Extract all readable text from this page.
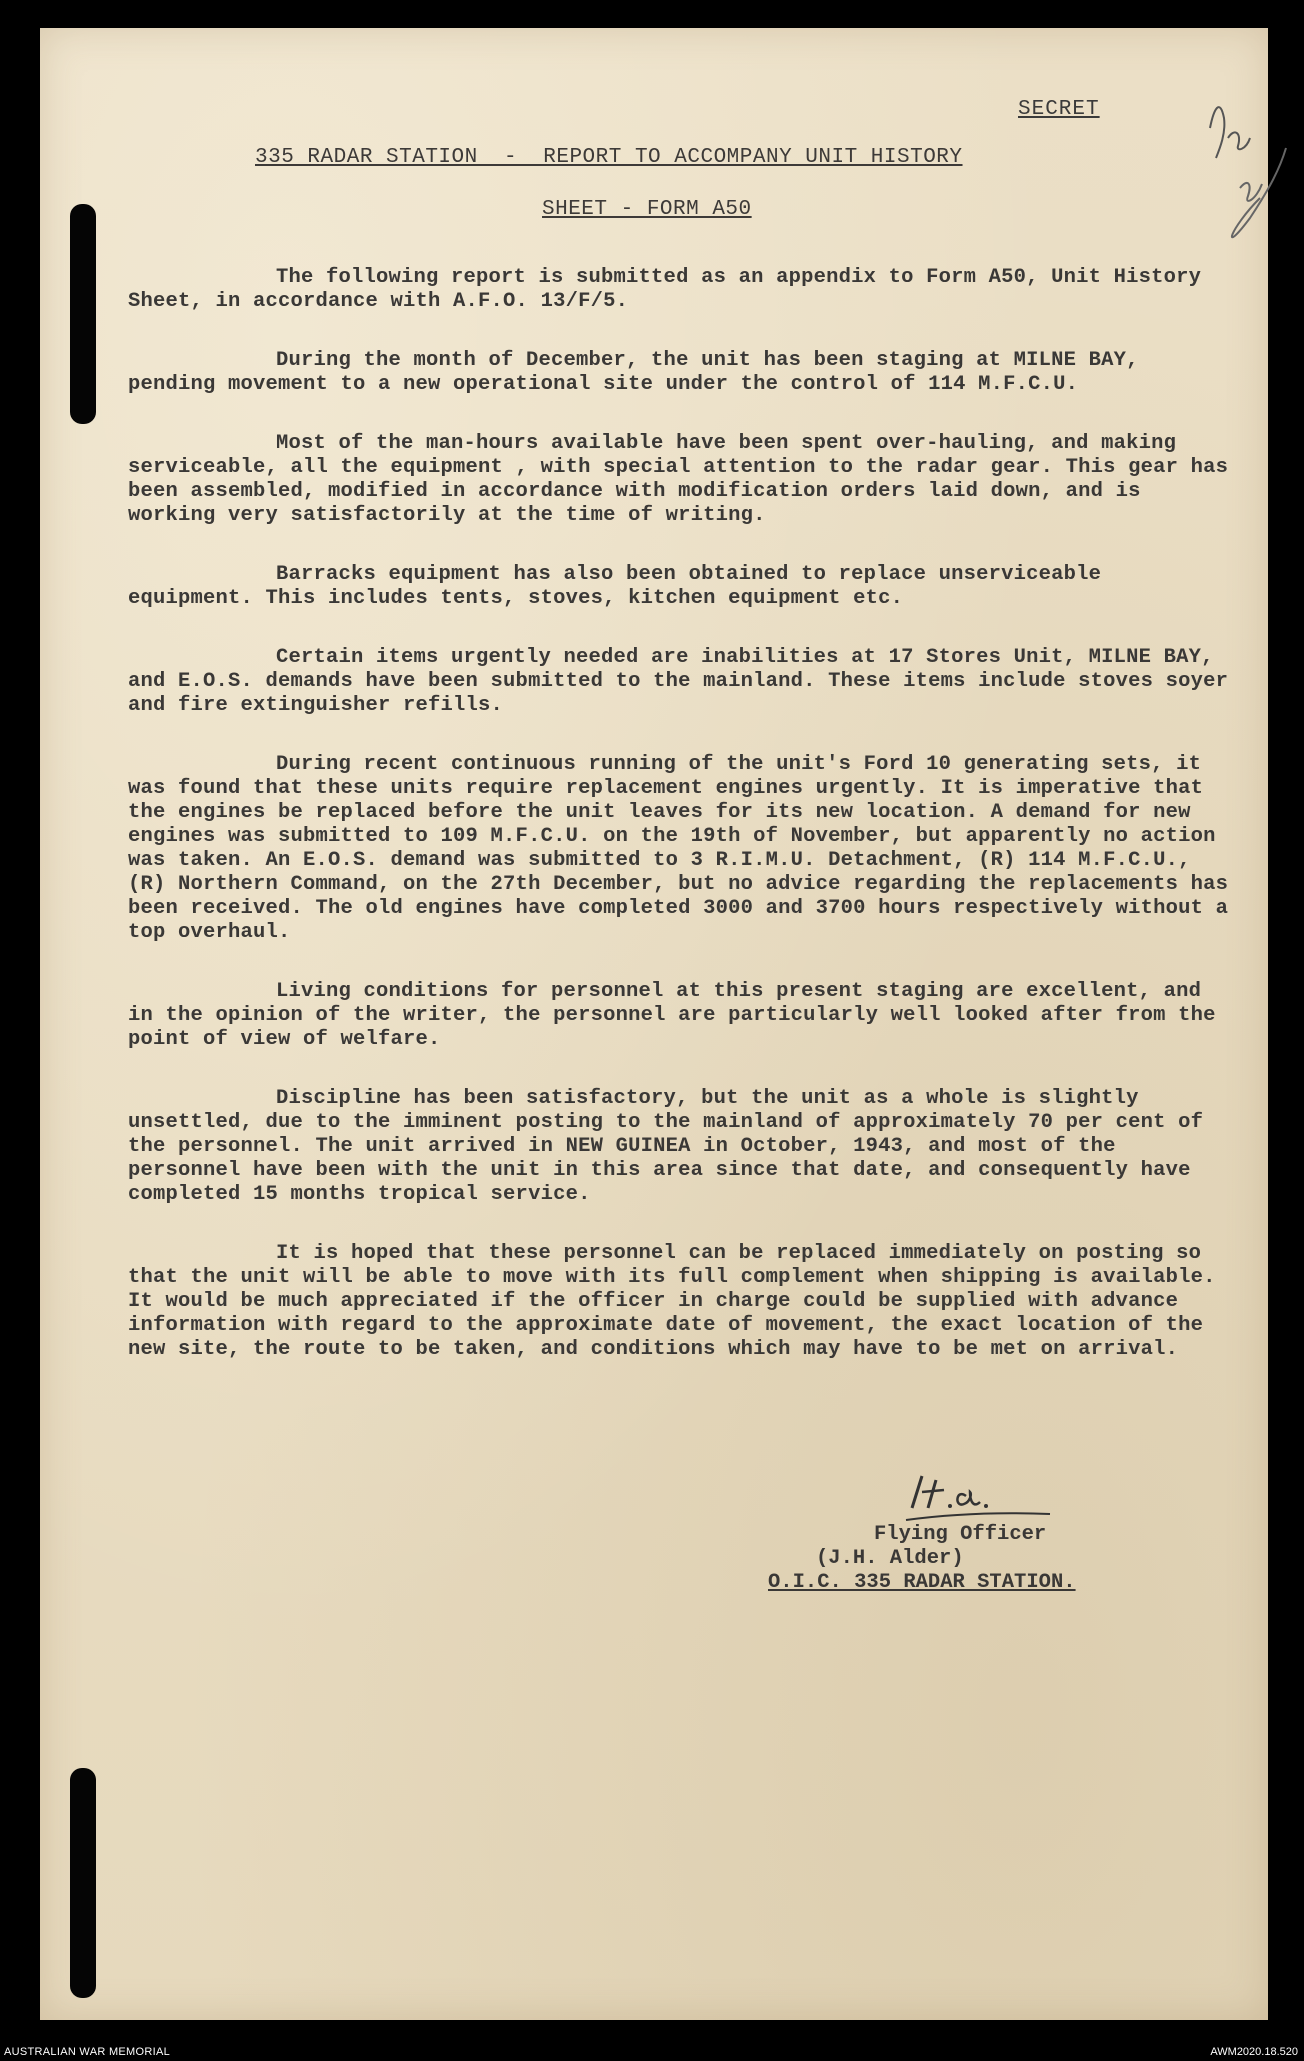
SECRET
335 RADAR STATION  -  REPORT TO ACCOMPANY UNIT HISTORY
SHEET - FORM A50

The following report is submitted as an appendix to Form A50, Unit History Sheet, in accordance with A.F.O. 13/F/5.

During the month of December, the unit has been staging at MILNE BAY, pending movement to a new operational site under the control of 114 M.F.C.U.

Most of the man-hours available have been spent over-hauling, and making serviceable, all the equipment , with special attention to the radar gear. This gear has been assembled, modified in accordance with modification orders laid down, and is working very satisfactorily at the time of writing.

Barracks equipment has also been obtained to replace unserviceable equipment. This includes tents, stoves, kitchen equipment etc.

Certain items urgently needed are inabilities at 17 Stores Unit, MILNE BAY, and E.O.S. demands have been submitted to the mainland. These items include stoves soyer and fire extinguisher refills.

During recent continuous running of the unit's Ford 10 generating sets, it was found that these units require replacement engines urgently. It is imperative that the engines be replaced before the unit leaves for its new location. A demand for new engines was submitted to 109 M.F.C.U. on the 19th of November, but apparently no action was taken. An E.O.S. demand was submitted to 3 R.I.M.U. Detachment, (R) 114 M.F.C.U., (R) Northern Command, on the 27th December, but no advice regarding the replacements has been received. The old engines have completed 3000 and 3700 hours respectively without a top overhaul.

Living conditions for personnel at this present staging are excellent, and in the opinion of the writer, the personnel are particularly well looked after from the point of view of welfare.

Discipline has been satisfactory, but the unit as a whole is slightly unsettled, due to the imminent posting to the mainland of approximately 70 per cent of the personnel. The unit arrived in NEW GUINEA in October, 1943, and most of the personnel have been with the unit in this area since that date, and consequently have completed 15 months tropical service.

It is hoped that these personnel can be replaced immediately on posting so that the unit will be able to move with its full complement when shipping is available. It would be much appreciated if the officer in charge could be supplied with advance information with regard to the approximate date of movement, the exact location of the new site, the route to be taken, and conditions which may have to be met on arrival.

Flying Officer
(J.H. Alder)
O.I.C. 335 RADAR STATION.
AUSTRALIAN WAR MEMORIAL	AWM2020.18.520
